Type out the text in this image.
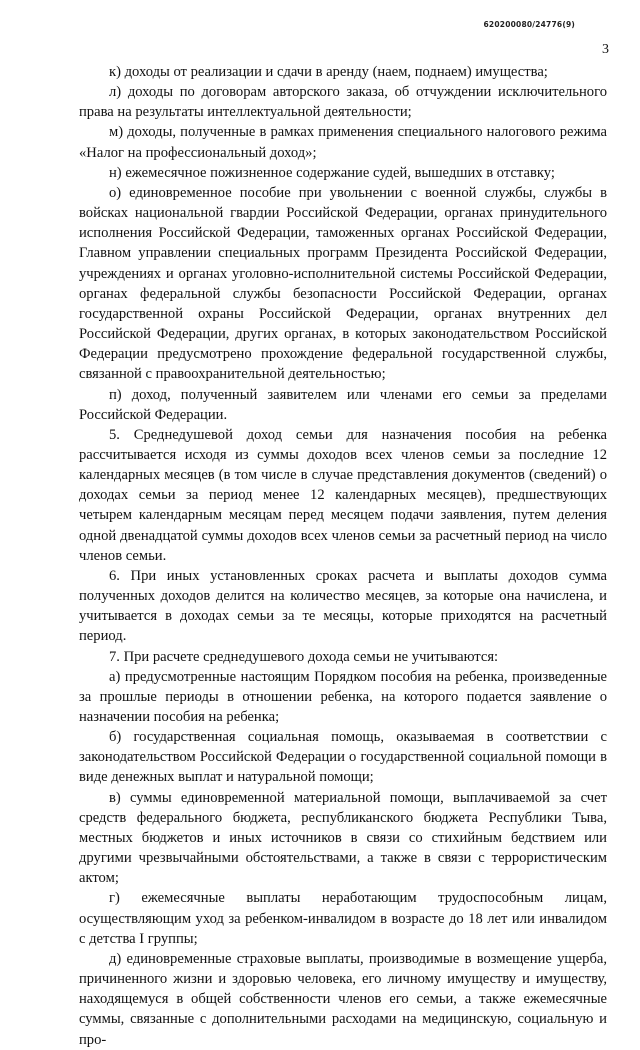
620200080/24776(9)
3

к) доходы от реализации и сдачи в аренду (наем, поднаем) имущества;

л) доходы по договорам авторского заказа, об отчуждении исключительного права на результаты интеллектуальной деятельности;

м) доходы, полученные в рамках применения специального налогового режима «Налог на профессиональный доход»;

н) ежемесячное пожизненное содержание судей, вышедших в отставку;

о) единовременное пособие при увольнении с военной службы, службы в войсках национальной гвардии Российской Федерации, органах принудительного исполнения Российской Федерации, таможенных органах Российской Федерации, Главном управлении специальных программ Президента Российской Федерации, учреждениях и органах уголовно-исполнительной системы Российской Федерации, органах федеральной службы безопасности Российской Федерации, органах государственной охраны Российской Федерации, органах внутренних дел Российской Федерации, других органах, в которых законодательством Российской Федерации предусмотрено прохождение федеральной государственной службы, связанной с правоохранительной деятельностью;

п) доход, полученный заявителем или членами его семьи за пределами Российской Федерации.

5. Среднедушевой доход семьи для назначения пособия на ребенка рассчитывается исходя из суммы доходов всех членов семьи за последние 12 календарных месяцев (в том числе в случае представления документов (сведений) о доходах семьи за период менее 12 календарных месяцев), предшествующих четырем календарным месяцам перед месяцем подачи заявления, путем деления одной двенадцатой суммы доходов всех членов семьи за расчетный период на число членов семьи.

6. При иных установленных сроках расчета и выплаты доходов сумма полученных доходов делится на количество месяцев, за которые она начислена, и учитывается в доходах семьи за те месяцы, которые приходятся на расчетный период.

7. При расчете среднедушевого дохода семьи не учитываются:

а) предусмотренные настоящим Порядком пособия на ребенка, произведенные за прошлые периоды в отношении ребенка, на которого подается заявление о назначении пособия на ребенка;

б) государственная социальная помощь, оказываемая в соответствии с законодательством Российской Федерации о государственной социальной помощи в виде денежных выплат и натуральной помощи;

в) суммы единовременной материальной помощи, выплачиваемой за счет средств федерального бюджета, республиканского бюджета Республики Тыва, местных бюджетов и иных источников в связи со стихийным бедствием или другими чрезвычайными обстоятельствами, а также в связи с террористическим актом;

г) ежемесячные выплаты неработающим трудоспособным лицам, осуществляющим уход за ребенком-инвалидом в возрасте до 18 лет или инвалидом с детства I группы;

д) единовременные страховые выплаты, производимые в возмещение ущерба, причиненного жизни и здоровью человека, его личному имуществу и имуществу, находящемуся в общей собственности членов его семьи, а также ежемесячные суммы, связанные с дополнительными расходами на медицинскую, социальную и про-
